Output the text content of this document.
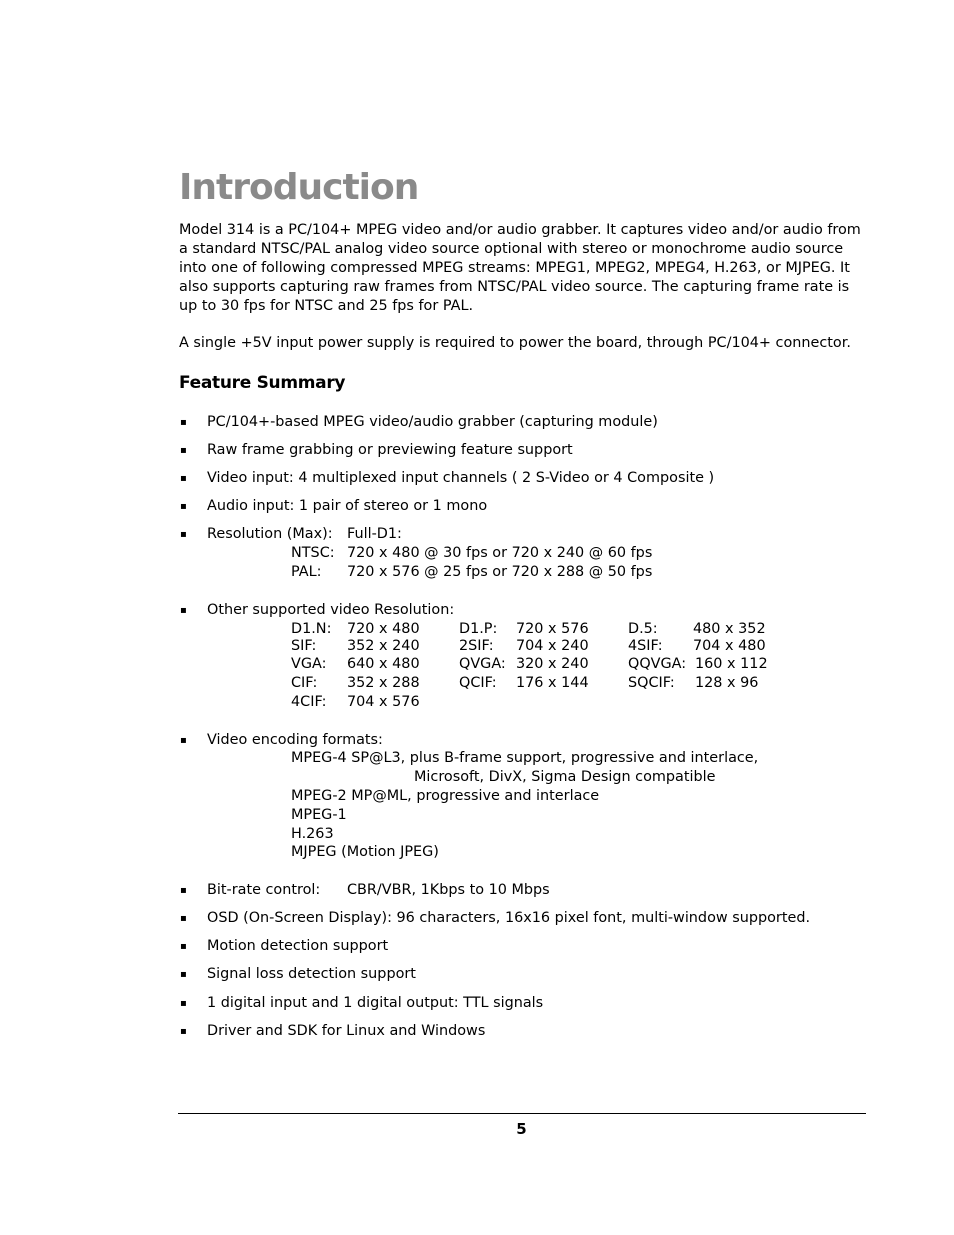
Introduction

Model 314 is a PC/104+ MPEG video and/or audio grabber. It captures video and/or audio from a standard NTSC/PAL analog video source optional with stereo or monochrome audio source into one of following compressed MPEG streams: MPEG1, MPEG2, MPEG4, H.263, or MJPEG. It also supports capturing raw frames from NTSC/PAL video source. The capturing frame rate is up to 30 fps for NTSC and 25 fps for PAL.

A single +5V input power supply is required to power the board, through PC/104+ connector.

Feature Summary
▪ PC/104+-based MPEG video/audio grabber (capturing module)
▪ Raw frame grabbing or previewing feature support
▪ Video input: 4 multiplexed input channels ( 2 S-Video or 4 Composite )
▪ Audio input: 1 pair of stereo or 1 mono
▪ Resolution (Max): Full-D1:
NTSC: 720 x 480 @ 30 fps or 720 x 240 @ 60 fps
PAL: 720 x 576 @ 25 fps or 720 x 288 @ 50 fps
▪ Other supported video Resolution:
D1.N: 720 x 480	D1.P: 720 x 576	D.5: 480 x 352
SIF: 352 x 240	2SIF: 704 x 240	4SIF: 704 x 480
VGA: 640 x 480	QVGA: 320 x 240	QQVGA: 160 x 112
CIF: 352 x 288	QCIF: 176 x 144	SQCIF: 128 x 96
4CIF: 704 x 576
▪ Video encoding formats:
MPEG-4 SP@L3, plus B-frame support, progressive and interlace,
Microsoft, DivX, Sigma Design compatible
MPEG-2 MP@ML, progressive and interlace
MPEG-1
H.263
MJPEG (Motion JPEG)
▪ Bit-rate control: CBR/VBR, 1Kbps to 10 Mbps
▪ OSD (On-Screen Display): 96 characters, 16x16 pixel font, multi-window supported.
▪ Motion detection support
▪ Signal loss detection support
▪ 1 digital input and 1 digital output: TTL signals
▪ Driver and SDK for Linux and Windows
5
